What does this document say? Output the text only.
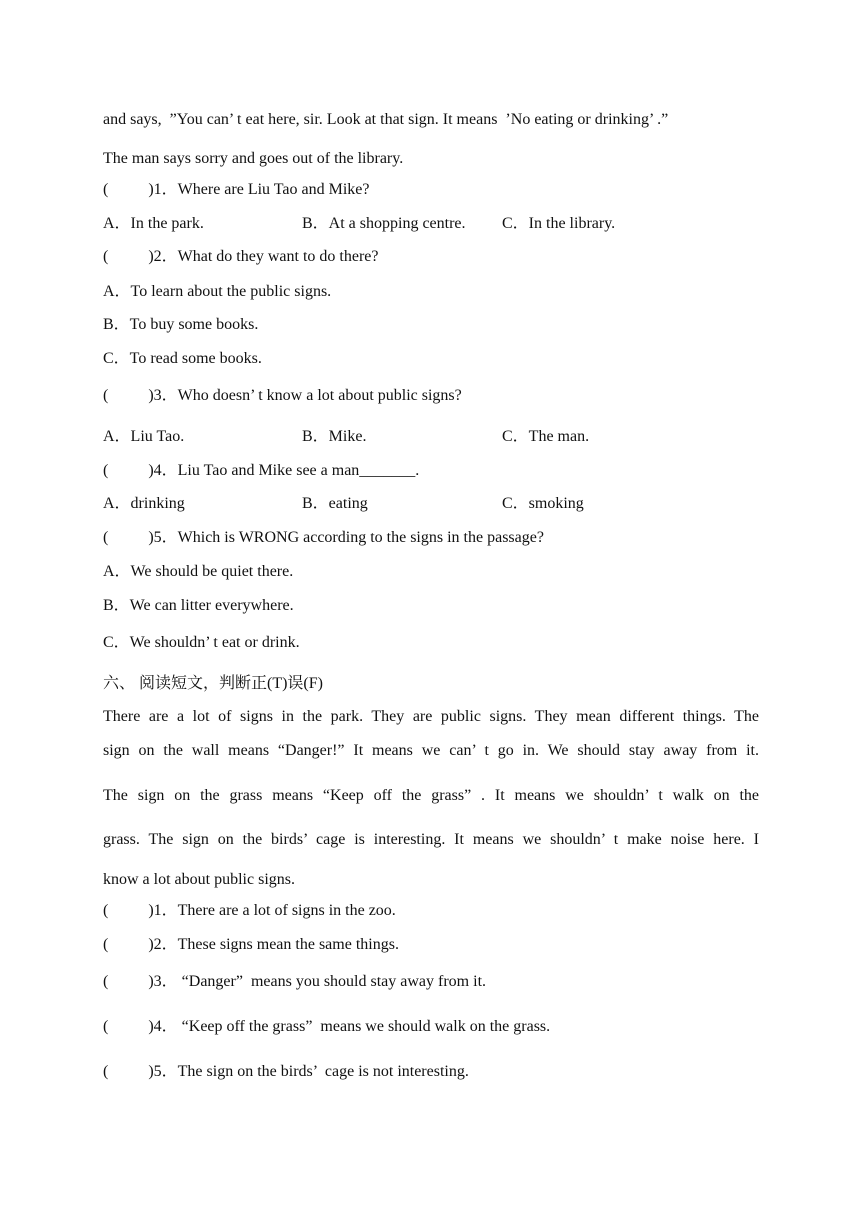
and says,  ”You can’ t eat here, sir. Look at that sign. It means  ’No eating or drinking’ .”
The man says sorry and goes out of the library.
(          )1．Where are Liu Tao and Mike?
A．In the park.	B．At a shopping centre. C．In the library.
(          )2．What do they want to do there?
A．To learn about the public signs.
B．To buy some books.
C．To read some books.
(          )3．Who doesn’ t know a lot about public signs?
A．Liu Tao.	B．Mike.	C．The man.
(          )4．Liu Tao and Mike see a man_______.
A．drinking	B．eating	C．smoking
(          )5．Which is WRONG according to the signs in the passage?
A．We should be quiet there.
B．We can litter everywhere.
C．We shouldn’ t eat or drink.
六、 阅读短文，判断正(T)误(F)
There are a lot of signs in the park. They are public signs. They mean different things. The
sign on the wall means “Danger!” It means we can’ t go in. We should stay away from it.
The sign on the grass means “Keep off the grass” . It means we shouldn’ t walk on the
grass. The sign on the birds’ cage is interesting. It means we shouldn’ t make noise here. I
know a lot about public signs.
(          )1．There are a lot of signs in the zoo.
(          )2．These signs mean the same things.
(          )3． “Danger”  means you should stay away from it.
(          )4． “Keep off the grass”  means we should walk on the grass.
(          )5．The sign on the birds’  cage is not interesting.
